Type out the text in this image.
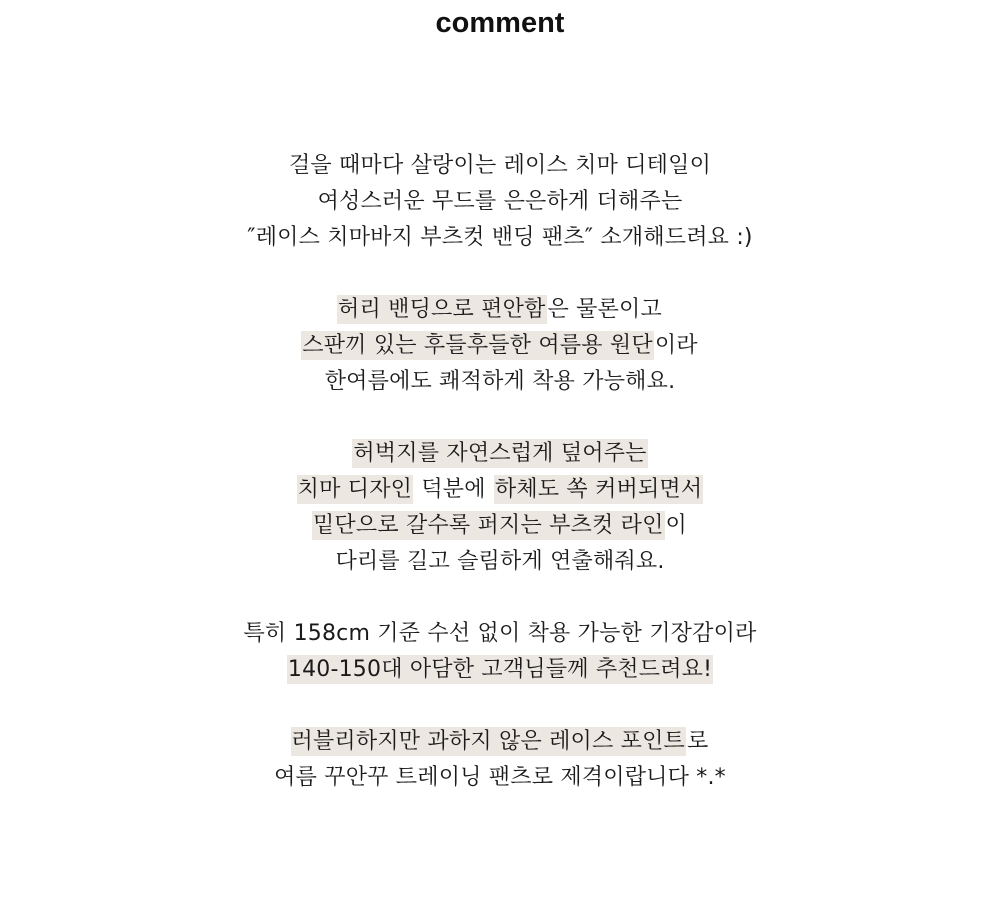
comment
걸을 때마다 살랑이는 레이스 치마 디테일이
여성스러운 무드를 은은하게 더해주는
″레이스 치마바지 부츠컷 밴딩 팬츠″ 소개해드려요 :)
허리 밴딩으로 편안함은 물론이고
스판끼 있는 후들후들한 여름용 원단이라
한여름에도 쾌적하게 착용 가능해요.
허벅지를 자연스럽게 덮어주는
치마 디자인 덕분에 하체도 쏙 커버되면서
밑단으로 갈수록 퍼지는 부츠컷 라인이
다리를 길고 슬림하게 연출해줘요.
특히 158cm 기준 수선 없이 착용 가능한 기장감이라
140-150대 아담한 고객님들께 추천드려요!
러블리하지만 과하지 않은 레이스 포인트로
여름 꾸안꾸 트레이닝 팬츠로 제격이랍니다 *.*
